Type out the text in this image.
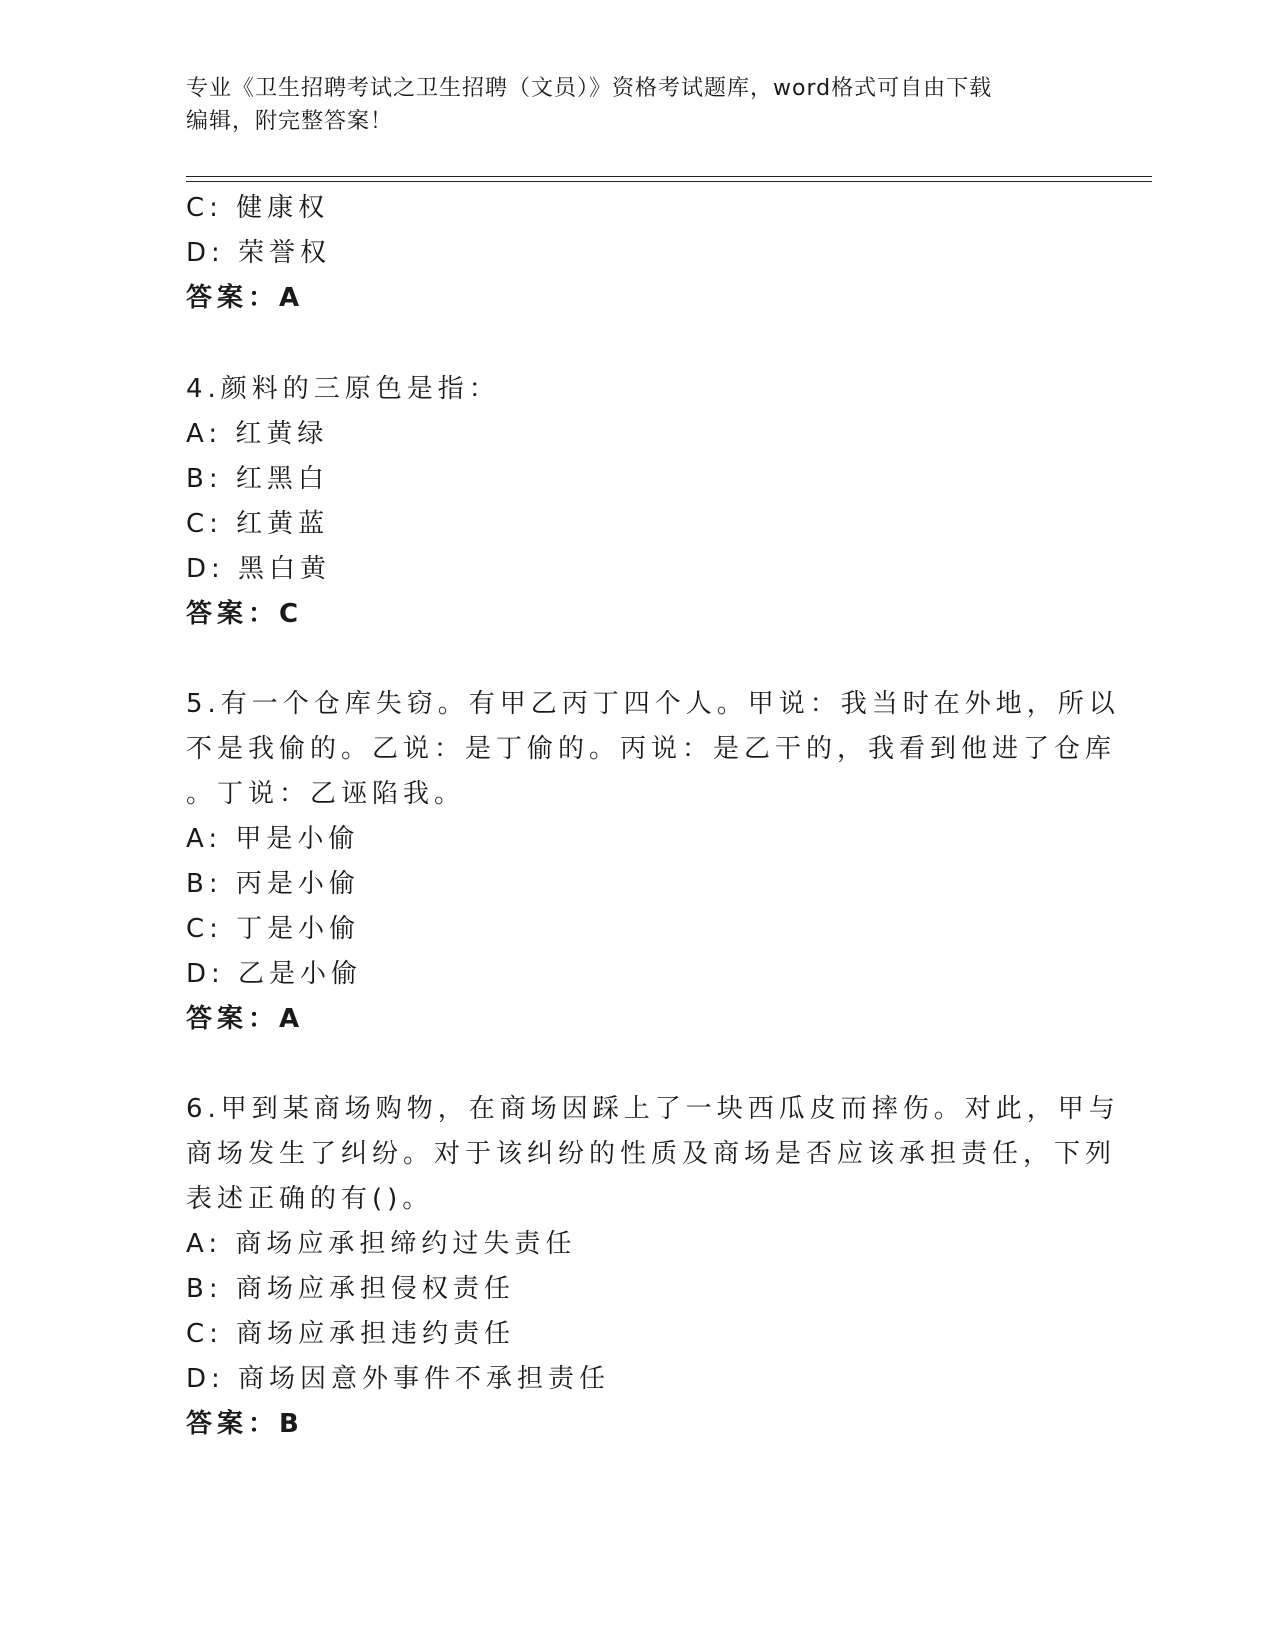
专业《卫生招聘考试之卫生招聘（文员）》资格考试题库，word格式可自由下载
编辑，附完整答案！
C: 健康权
D: 荣誉权
答案：A
4.颜料的三原色是指：
A: 红黄绿
B: 红黑白
C: 红黄蓝
D: 黑白黄
答案：C
5.有一个仓库失窃。有甲乙丙丁四个人。甲说：我当时在外地，所以
不是我偷的。乙说：是丁偷的。丙说：是乙干的，我看到他进了仓库
。丁说：乙诬陷我。
A: 甲是小偷
B: 丙是小偷
C: 丁是小偷
D: 乙是小偷
答案：A
6.甲到某商场购物，在商场因踩上了一块西瓜皮而摔伤。对此，甲与
商场发生了纠纷。对于该纠纷的性质及商场是否应该承担责任，下列
表述正确的有()。
A: 商场应承担缔约过失责任
B: 商场应承担侵权责任
C: 商场应承担违约责任
D: 商场因意外事件不承担责任
答案：B
